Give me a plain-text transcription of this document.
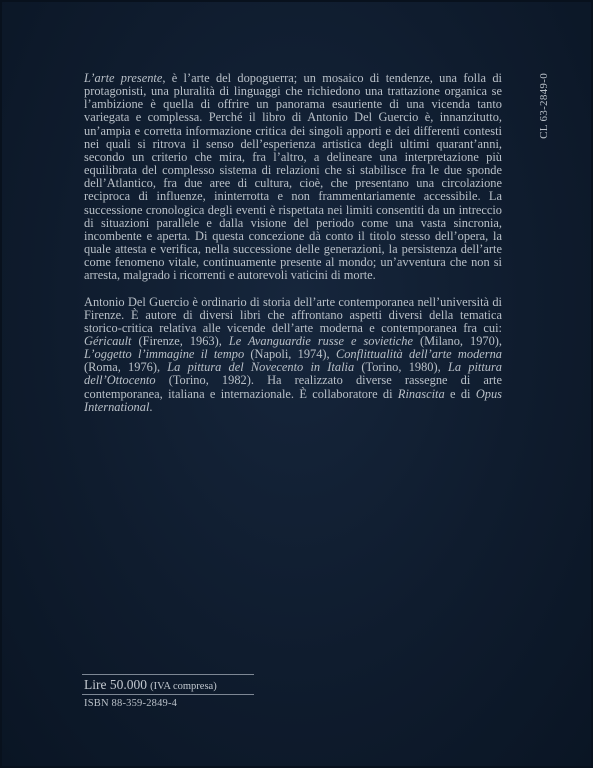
L’arte presente, è l’arte del dopoguerra; un mosaico di tendenze, una folla di protagonisti, una pluralità di linguaggi che richiedono una trattazione organica se l’ambizione è quella di offrire un panorama esauriente di una vicenda tanto variegata e complessa. Perché il libro di Antonio Del Guercio è, innanzitutto, un’ampia e corretta informazione critica dei singoli apporti e dei differenti contesti nei quali si ritrova il senso dell’esperienza artistica degli ultimi quarant’anni, secondo un criterio che mira, fra l’altro, a delineare una interpretazione più equilibrata del complesso sistema di relazioni che si stabilisce fra le due sponde dell’Atlantico, fra due aree di cultura, cioè, che presentano una circolazione reciproca di influenze, ininterrotta e non frammentariamente accessibile. La successione cronologica degli eventi è rispettata nei limiti consentiti da un intreccio di situazioni parallele e dalla visione del periodo come una vasta sincronia, incombente e aperta. Di questa concezione dà conto il titolo stesso dell’opera, la quale attesta e verifica, nella successione delle generazioni, la persistenza dell’arte come fenomeno vitale, continuamente presente al mondo; un’avventura che non si arresta, malgrado i ricorrenti e autorevoli vaticini di morte.

Antonio Del Guercio è ordinario di storia dell’arte contemporanea nell’università di Firenze. È autore di diversi libri che affrontano aspetti diversi della tematica storico-critica relativa alle vicende dell’arte moderna e contemporanea fra cui: Géricault (Firenze, 1963), Le Avanguardie russe e sovietiche (Milano, 1970), L’oggetto l’immagine il tempo (Napoli, 1974), Conflittualità dell’arte moderna (Roma, 1976), La pittura del Novecento in Italia (Torino, 1980), La pittura dell’Ottocento (Torino, 1982). Ha realizzato diverse rassegne di arte contemporanea, italiana e internazionale. È collaboratore di Rinascita e di Opus International.

CL 63-2849-0
Lire 50.000 (IVA compresa)
ISBN 88-359-2849-4
